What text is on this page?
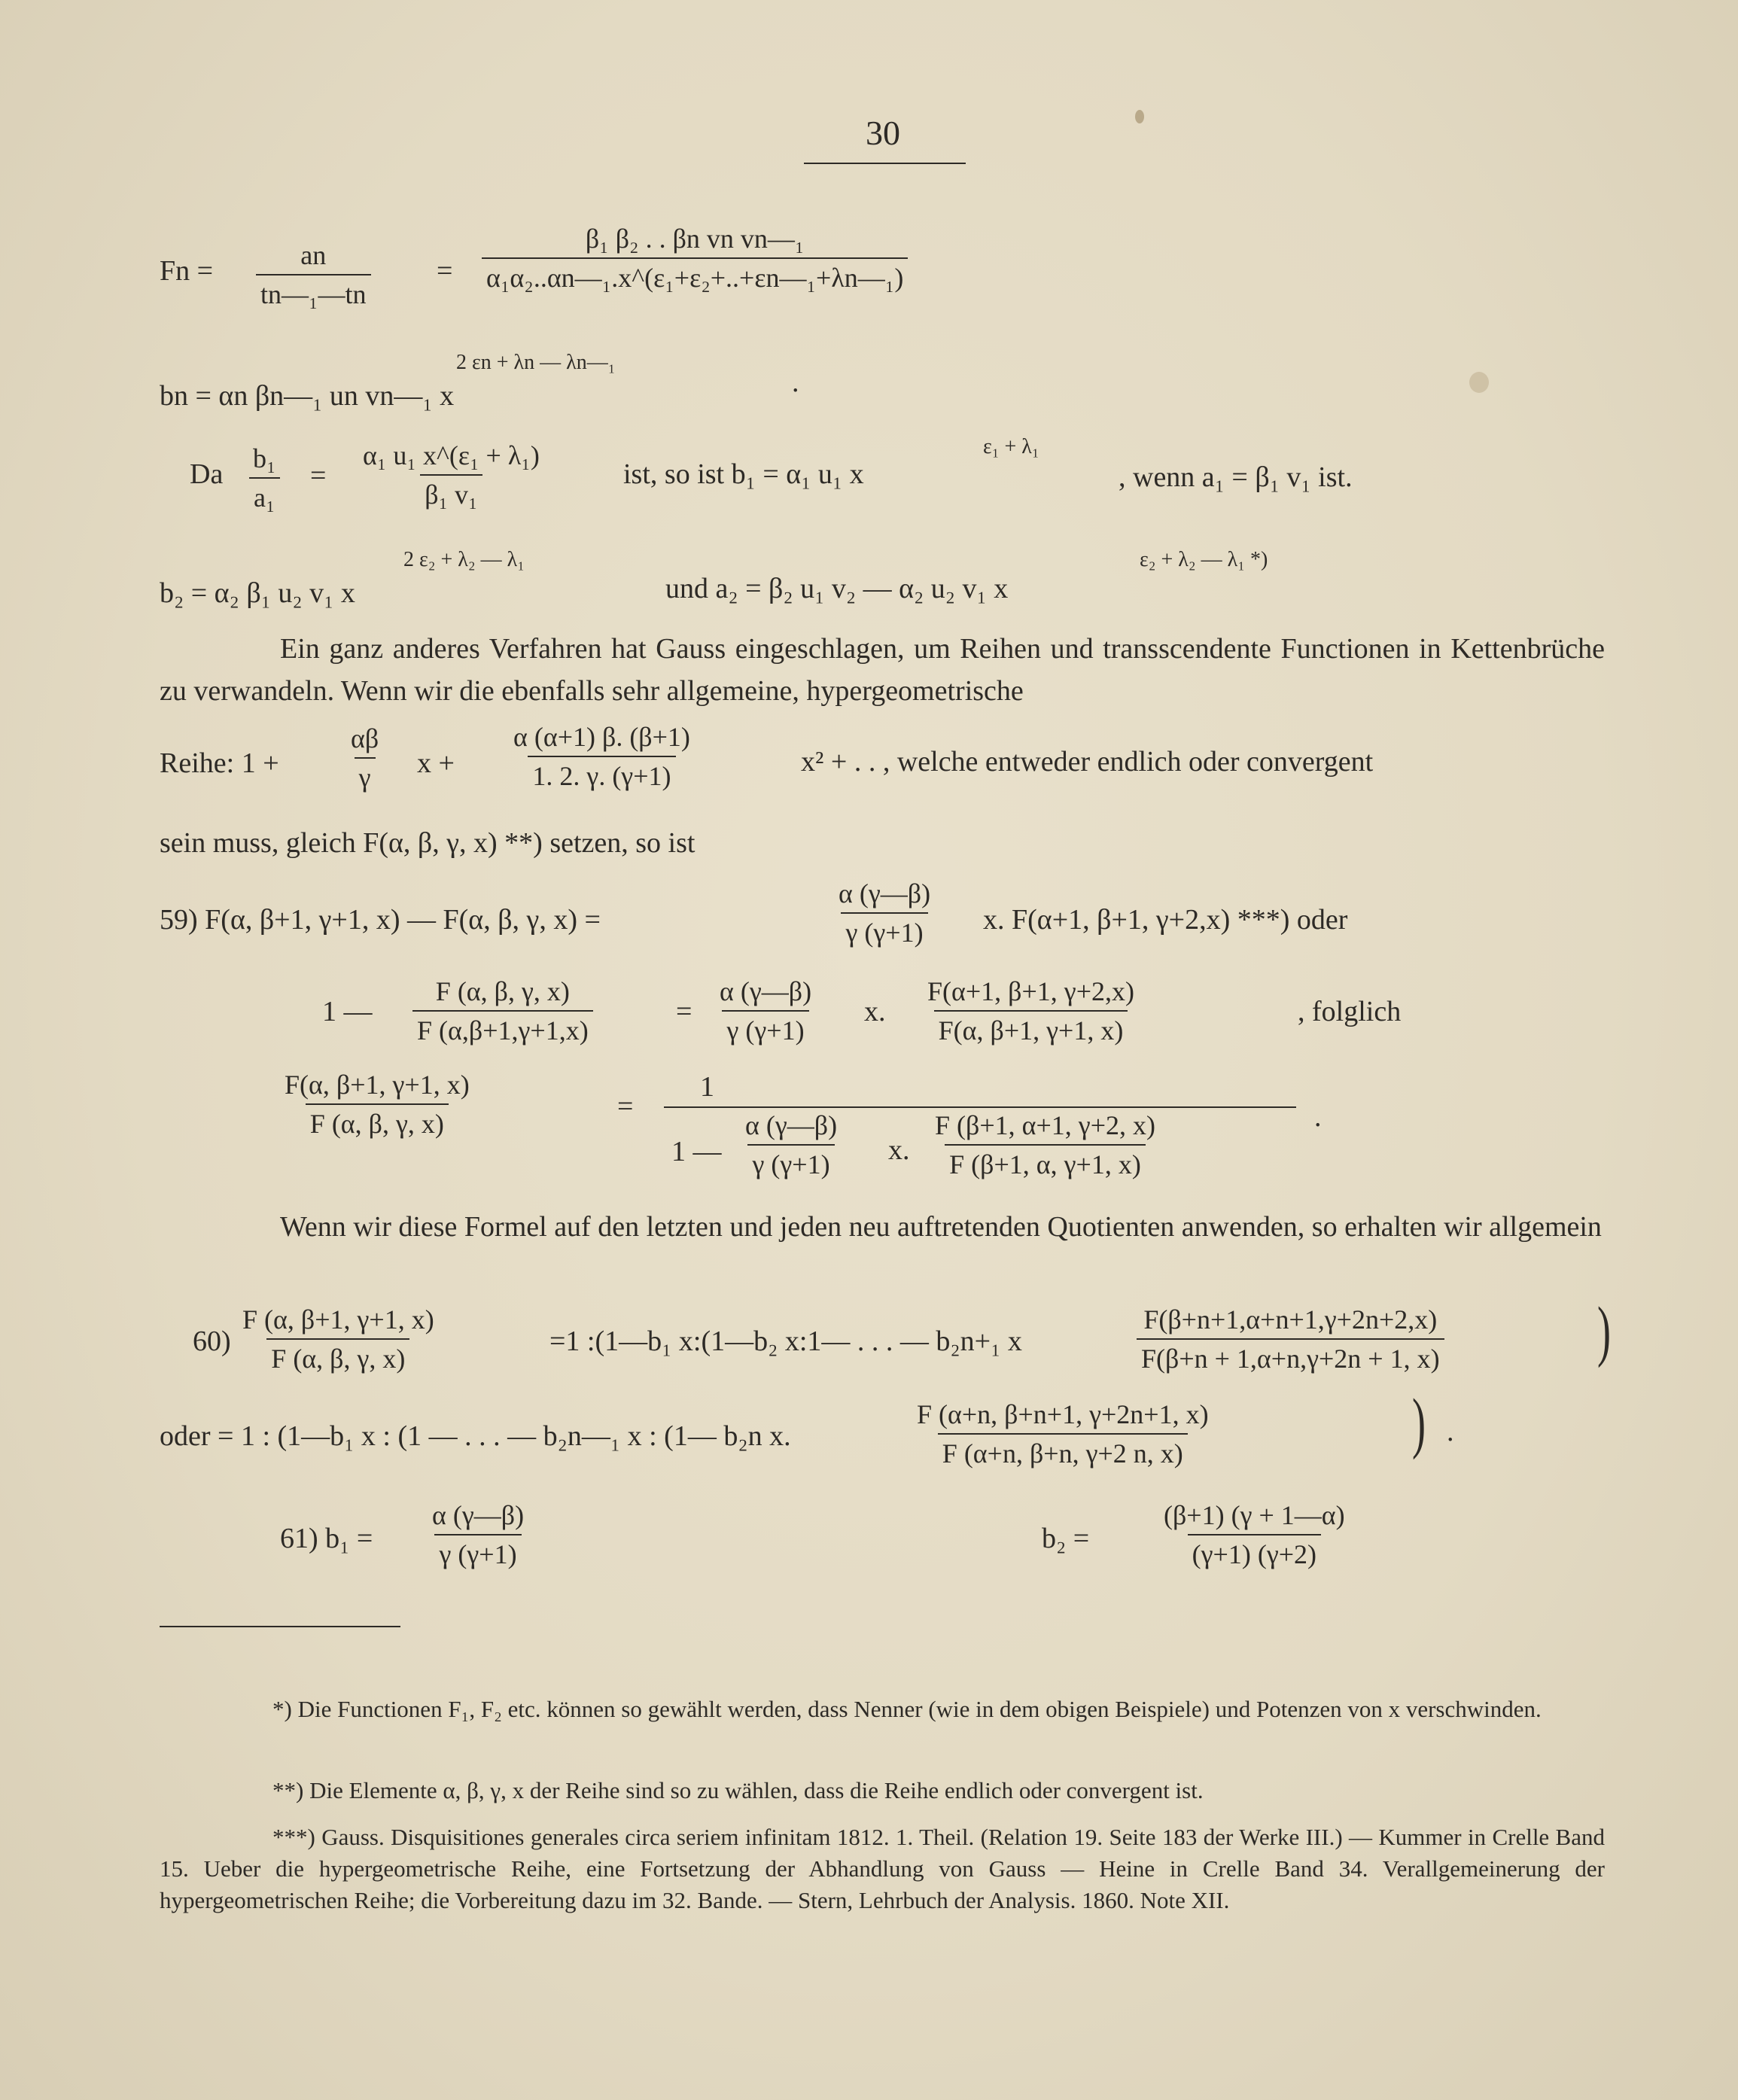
30
$Fn = \frac{an}{\text{tn—₁—tn}} = \frac{\text{β₁ β₂ . . βn vn vn—₁}}{\text{α₁α₂..αn—₁.x\textasciicircum{}(ε₁+ε₂+..+εn—₁+λn—₁)}}$
2 εn + λn — λn—₁
bn = αn βn—₁ un vn—₁ x	.
Da $\frac{\text{b₁}}{\text{a₁}} = \frac{\text{α₁ u₁ x\textasciicircum{}(ε₁ + λ₁)}}{\text{β₁ v₁}}$	ist, so ist b₁ = α₁ u₁ x
ε₁ + λ₁
, wenn a₁ = β₁ v₁ ist.
2 ε₂ + λ₂ — λ₁
b₂ = α₂ β₁ u₂ v₁ x	und a₂ = β₂ u₁ v₂ — α₂ u₂ v₁ x
ε₂ + λ₂ — λ₁ *)
Ein ganz anderes Verfahren hat Gauss eingeschlagen, um Reihen und transscendente Functionen in Kettenbrüche zu verwandeln. Wenn wir die ebenfalls sehr allgemeine, hypergeometrische
Reihe: $1 + \frac{\alpha\beta}{\gamma}$ $x + \frac{\alpha (\alpha+1) \beta. (\beta+1)}{1. 2. \gamma. (\gamma+1)}$	x² + . . , welche entweder endlich oder convergent
sein muss, gleich F(α, β, γ, x) **) setzen, so ist
59) F(α, β+1, γ+1, x) — F(α, β, γ, x) =	$\frac{\alpha (\gamma—\beta)}{\gamma (\gamma+1)} x$. F(α+1, β+1, γ+2,x) ***) oder
1 — $\frac{F (\alpha, \beta, \gamma, x)}{F (\alpha,\beta+1,\gamma+1,x)}$	= $\frac{\alpha (\gamma—\beta)}{\gamma (\gamma+1)} x$. $\frac{F(\alpha+1, \beta+1, \gamma+2,x)}{F(\alpha, \beta+1, \gamma+1, x)}$	, folglich
$\frac{F(\alpha, \beta+1, \gamma+1, x)}{F (\alpha, \beta, \gamma, x)}$	=
1
1 — $\frac{\alpha (\gamma—\beta)}{\gamma (\gamma+1)} x$. $\frac{F (\beta+1, \alpha+1, \gamma+2, x)}{F (\beta+1, \alpha, \gamma+1, x)}$	.
Wenn wir diese Formel auf den letzten und jeden neu auftretenden Quotienten anwenden, so erhalten wir allgemein
$60) \frac{F (\alpha, \beta+1, \gamma+1, x)}{F (\alpha, \beta, \gamma, x)}$	=1 :(1—b₁ x:(1—b₂ x:1— . . . — b₂n+₁ x	$\frac{F(\beta+n+1,\alpha+n+1,\gamma+2n+2,x)}{F(\beta+n + 1,\alpha+n,\gamma+2n + 1, x)}$ )
oder = 1 : (1—b₁ x : (1 — . . . — b₂n—₁ x : (1— b₂n x.	$\frac{F (\alpha+n, \beta+n+1, \gamma+2n+1, x)}{F (\alpha+n, \beta+n, \gamma+2 n, x)}$	) .
61) $b_1 = \frac{\alpha (\gamma—\beta)}{\gamma (\gamma+1)}$	b₂ =	$\frac{(\beta+1) (\gamma + 1—\alpha)}{(\gamma+1) (\gamma+2)}$
*) Die Functionen F₁, F₂ etc. können so gewählt werden, dass Nenner (wie in dem obigen Beispiele) und Potenzen von x verschwinden.
**) Die Elemente α, β, γ, x der Reihe sind so zu wählen, dass die Reihe endlich oder convergent ist.
***) Gauss. Disquisitiones generales circa seriem infinitam 1812. 1. Theil. (Relation 19. Seite 183 der Werke III.) — Kummer in Crelle Band 15. Ueber die hypergeometrische Reihe, eine Fortsetzung der Abhandlung von Gauss — Heine in Crelle Band 34. Verallgemeinerung der hypergeometrischen Reihe; die Vorbereitung dazu im 32. Bande. — Stern, Lehrbuch der Analysis. 1860. Note XII.
